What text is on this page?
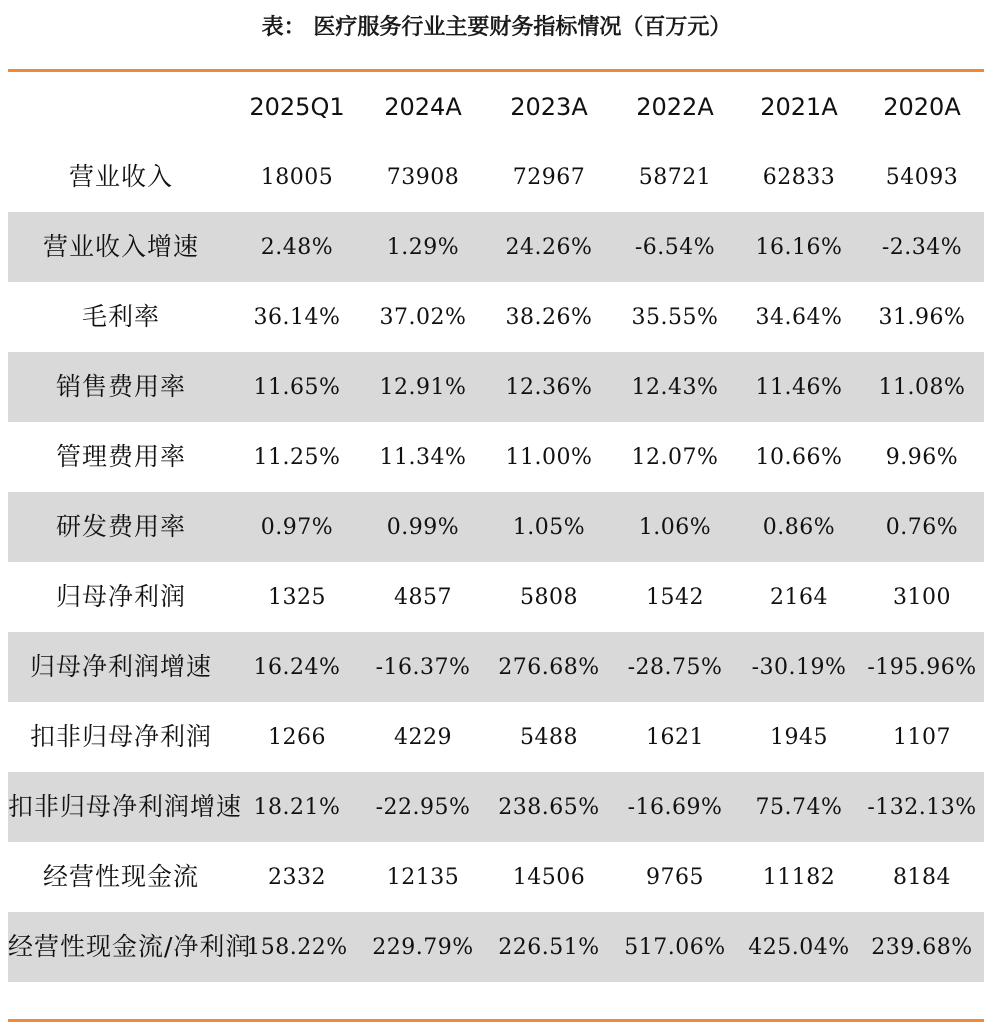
表： 医疗服务行业主要财务指标情况（百万元）
	2025Q1	2024A	2023A	2022A	2021A	2020A
营业收入	18005	73908	72967	58721	62833	54093
营业收入增速	2.48%	1.29%	24.26%	-6.54%	16.16%	-2.34%
毛利率	36.14%	37.02%	38.26%	35.55%	34.64%	31.96%
销售费用率	11.65%	12.91%	12.36%	12.43%	11.46%	11.08%
管理费用率	11.25%	11.34%	11.00%	12.07%	10.66%	9.96%
研发费用率	0.97%	0.99%	1.05%	1.06%	0.86%	0.76%
归母净利润	1325	4857	5808	1542	2164	3100
归母净利润增速	16.24%	-16.37%	276.68%	-28.75%	-30.19%	-195.96%
扣非归母净利润	1266	4229	5488	1621	1945	1107
扣非归母净利润增速	18.21%	-22.95%	238.65%	-16.69%	75.74%	-132.13%
经营性现金流	2332	12135	14506	9765	11182	8184
经营性现金流/净利润	158.22%	229.79%	226.51%	517.06%	425.04%	239.68%
